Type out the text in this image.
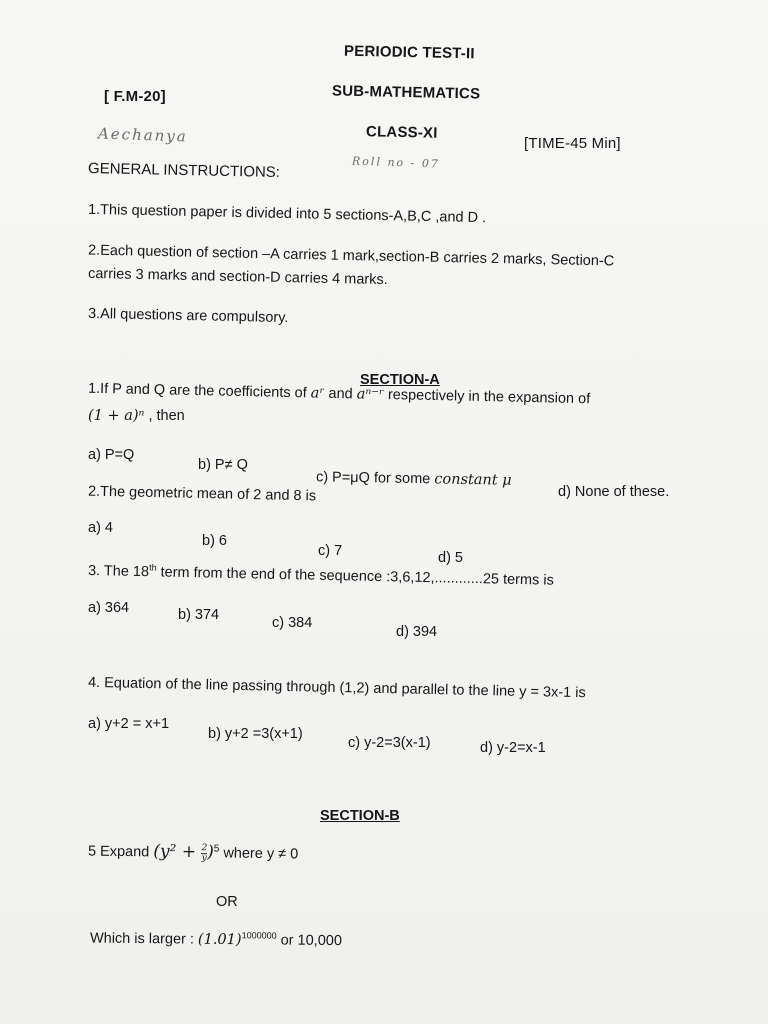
PERIODIC TEST-II
[ F.M-20]	SUB-MATHEMATICS
Aechanya	CLASS-XI
[TIME-45 Min]
Roll no - 07
GENERAL INSTRUCTIONS:
1.This question paper is divided into 5 sections-A,B,C ,and D .
2.Each question of section –A carries 1 mark,section-B carries 2 marks, Section-C
carries 3 marks and section-D carries 4 marks.
3.All questions are compulsory.
SECTION-A
1.If P and Q are the coefficients of aʳ and aⁿ⁻ʳ respectively in the expansion of
(1 + a)ⁿ , then
a) P=Q
b) P≠ Q
c) P=μQ for some constant μ
d) None of these.
2.The geometric mean of 2 and 8 is
a) 4
b) 6
c) 7	d) 5
3. The 18th term from the end of the sequence :3,6,12,............25 terms is
a) 364	b) 374	c) 384
d) 394
4. Equation of the line passing through (1,2) and parallel to the line y = 3x-1 is
a) y+2 = x+1
b) y+2 =3(x+1)
c) y-2=3(x-1)	d) y-2=x-1
SECTION-B
5 Expand $(y^2 + \frac{2}{y} )^5$ where y ≠ 0
OR
Which is larger : $(1.01)^{1000000}$ or 10,000
